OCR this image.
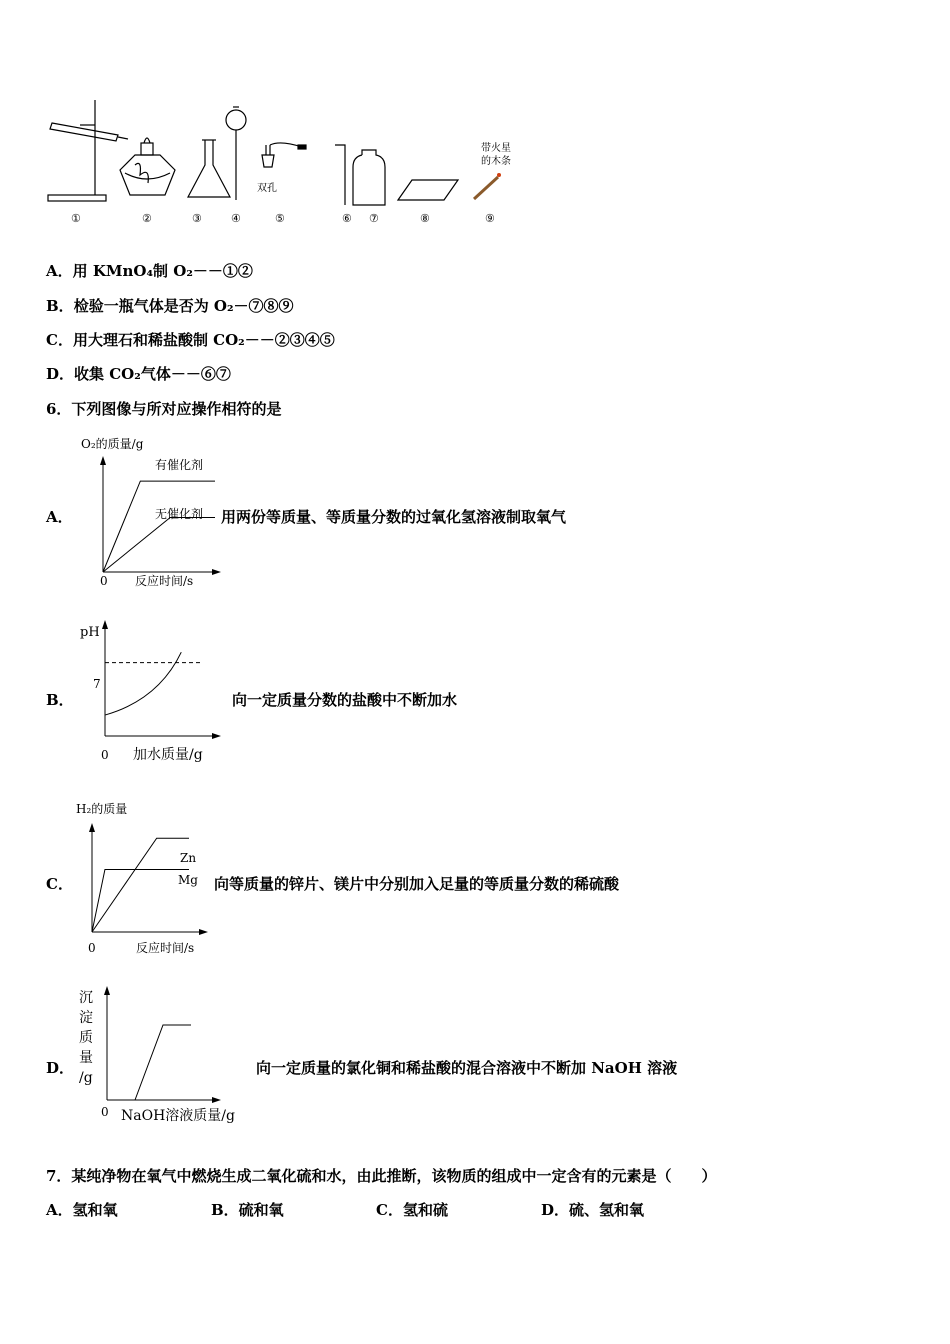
双孔
带火星
的木条
①	②	③	④	⑤	⑥ ⑦	⑧	⑨
A．用 KMnO₄制 O₂－－①②
B．检验一瓶气体是否为 O₂－⑦⑧⑨
C．用大理石和稀盐酸制 CO₂－－②③④⑤
D．收集 CO₂气体－－⑥⑦
6．下列图像与所对应操作相符的是
A．
O₂的质量/g
反应时间/s
0
有催化剂
无催化剂 用两份等质量、等质量分数的过氧化氢溶液制取氧气
B．
pH
加水质量/g
0
7
向一定质量分数的盐酸中不断加水
C．
H₂的质量
反应时间/s
0
Zn
Mg 向等质量的锌片、镁片中分别加入足量的等质量分数的稀硫酸
D．
沉
淀
质
量
/g
NaOH溶液质量/g
0
向一定质量的氯化铜和稀盐酸的混合溶液中不断加 NaOH 溶液
7．某纯净物在氧气中燃烧生成二氧化硫和水，由此推断，该物质的组成中一定含有的元素是（　　）
A．氢和氧	B．硫和氧	C．氢和硫	D．硫、氢和氧
